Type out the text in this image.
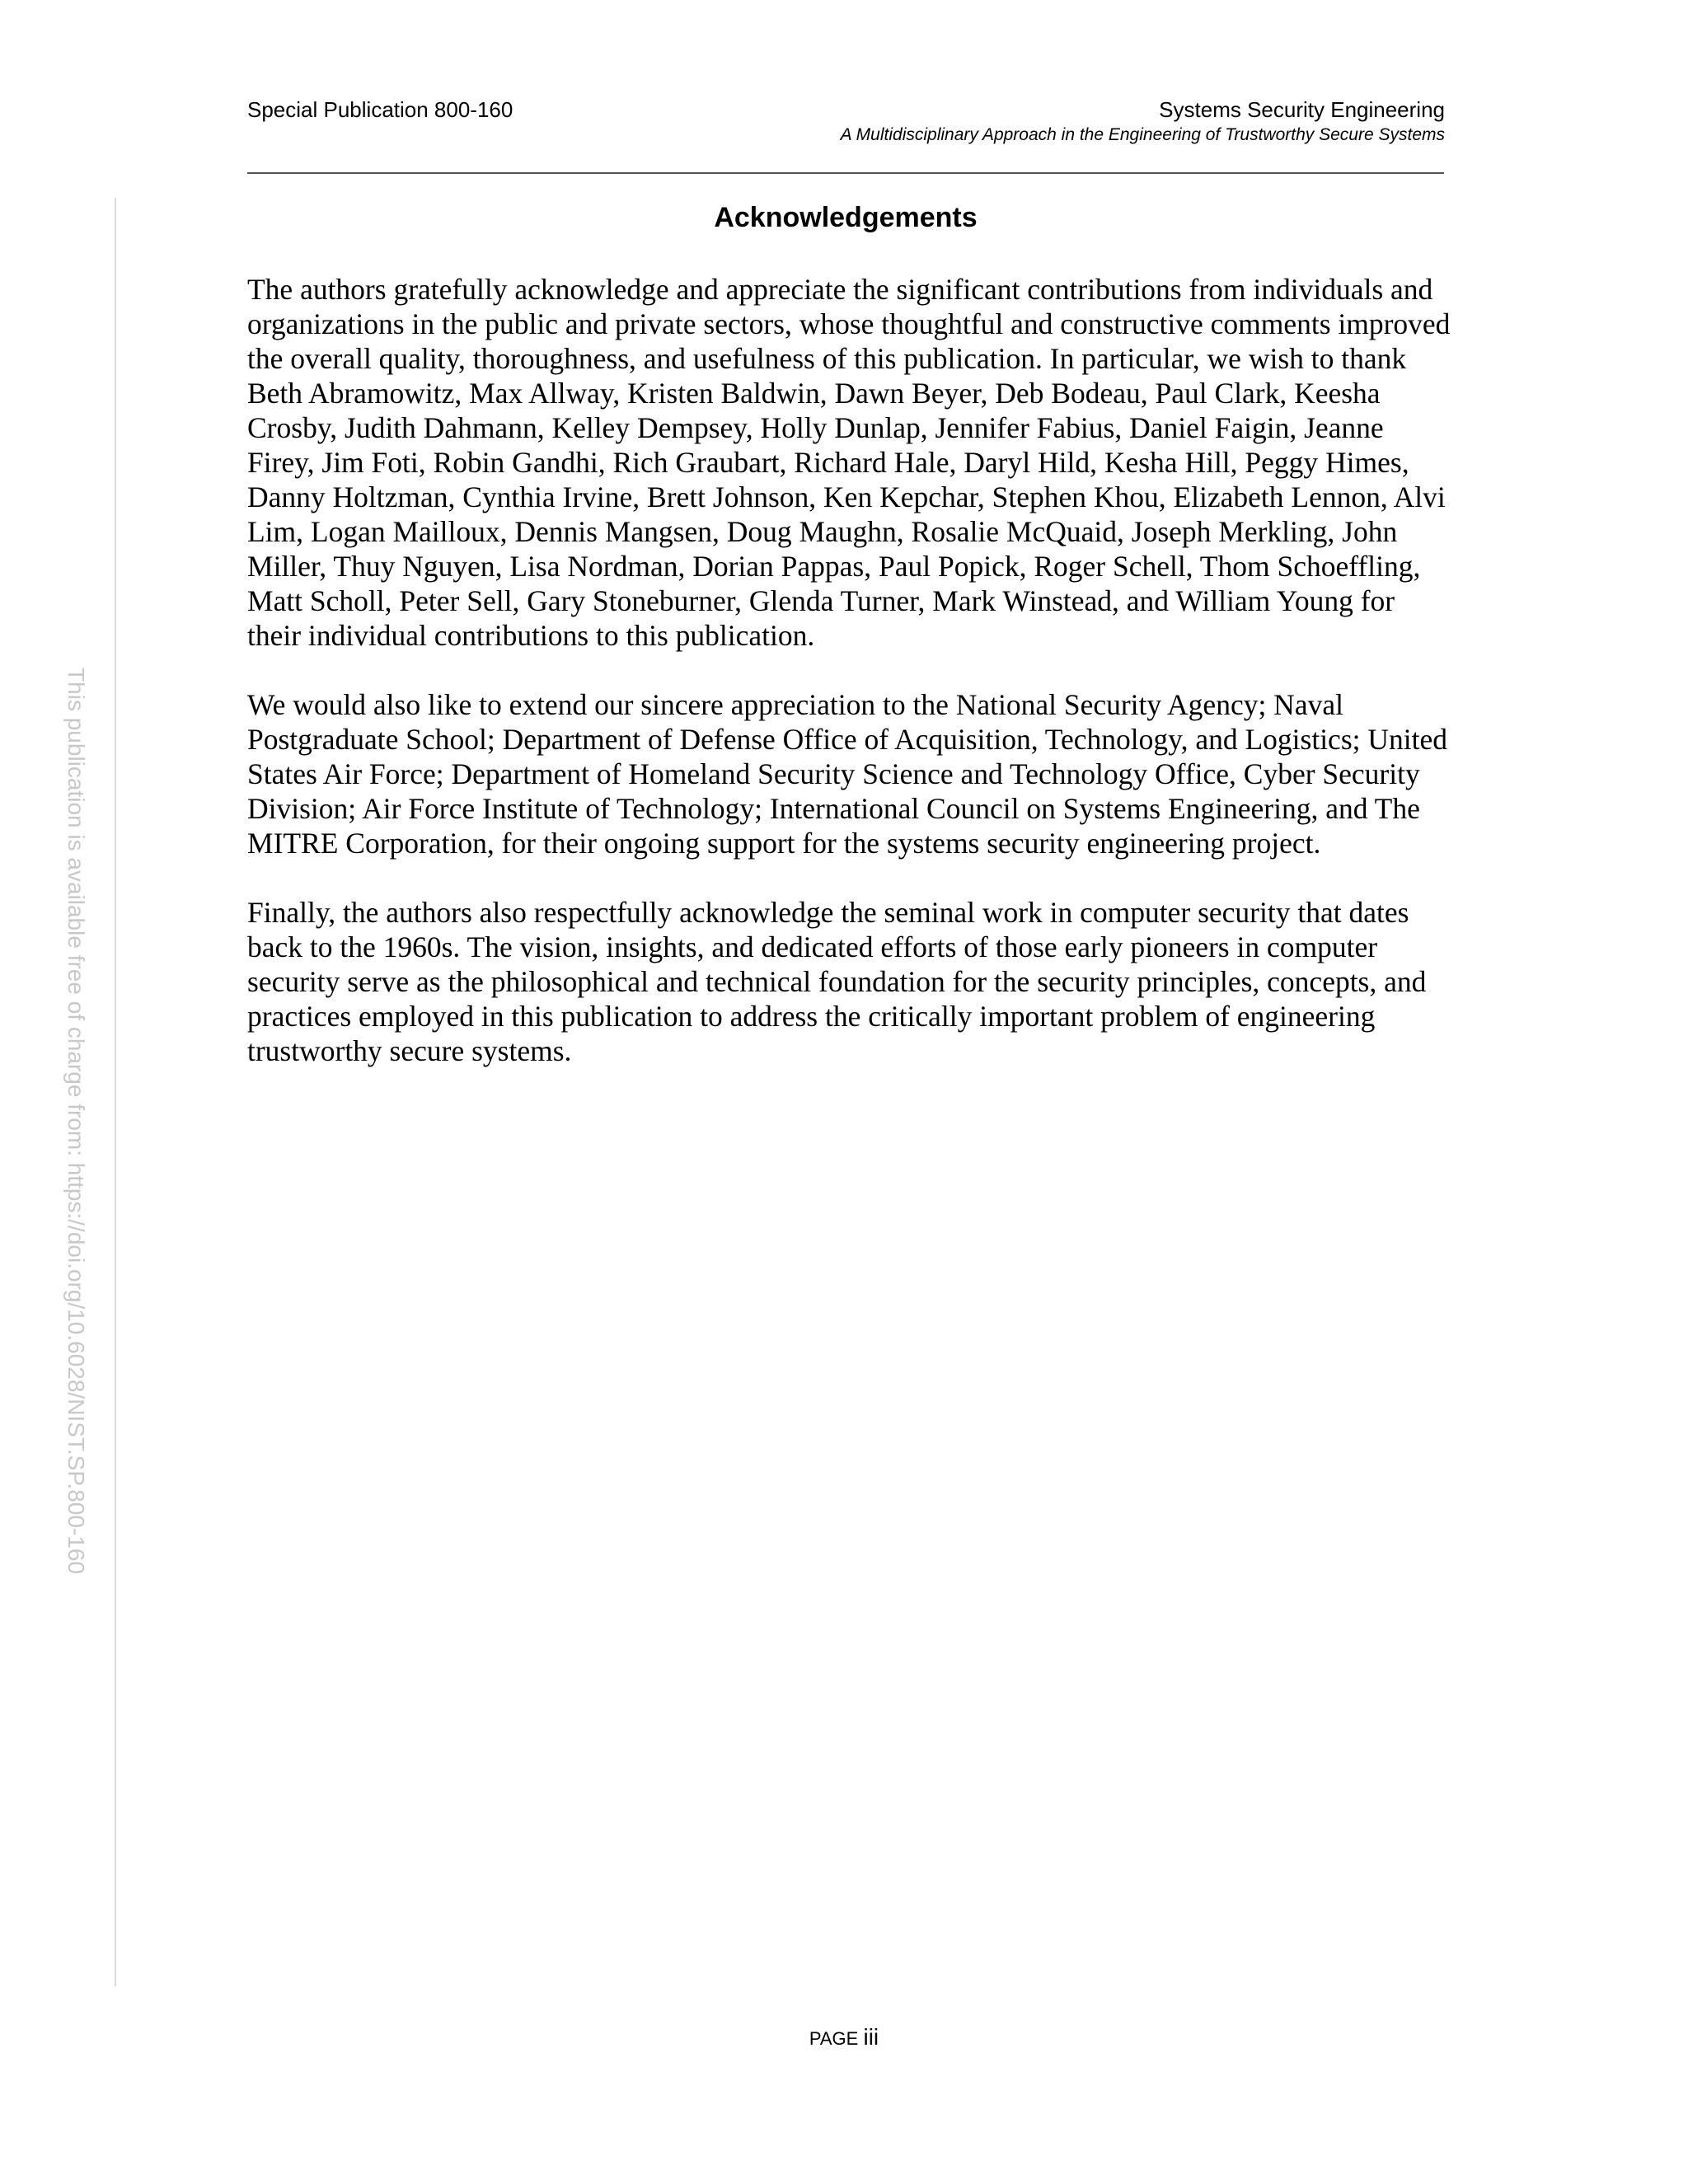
Special Publication 800-160	Systems Security Engineering
A Multidisciplinary Approach in the Engineering of Trustworthy Secure Systems
This publication is available free of charge from: https://doi.org/10.6028/NIST.SP.800-160
Acknowledgements

The authors gratefully acknowledge and appreciate the significant contributions from individuals and organizations in the public and private sectors, whose thoughtful and constructive comments improved the overall quality, thoroughness, and usefulness of this publication. In particular, we wish to thank Beth Abramowitz, Max Allway, Kristen Baldwin, Dawn Beyer, Deb Bodeau, Paul Clark, Keesha Crosby, Judith Dahmann, Kelley Dempsey, Holly Dunlap, Jennifer Fabius, Daniel Faigin, Jeanne Firey, Jim Foti, Robin Gandhi, Rich Graubart, Richard Hale, Daryl Hild, Kesha Hill, Peggy Himes, Danny Holtzman, Cynthia Irvine, Brett Johnson, Ken Kepchar, Stephen Khou, Elizabeth Lennon, Alvi Lim, Logan Mailloux, Dennis Mangsen, Doug Maughn, Rosalie McQuaid, Joseph Merkling, John Miller, Thuy Nguyen, Lisa Nordman, Dorian Pappas, Paul Popick, Roger Schell, Thom Schoeffling, Matt Scholl, Peter Sell, Gary Stoneburner, Glenda Turner, Mark Winstead, and William Young for their individual contributions to this publication.

We would also like to extend our sincere appreciation to the National Security Agency; Naval Postgraduate School; Department of Defense Office of Acquisition, Technology, and Logistics; United States Air Force; Department of Homeland Security Science and Technology Office, Cyber Security Division; Air Force Institute of Technology; International Council on Systems Engineering, and The MITRE Corporation, for their ongoing support for the systems security engineering project.

Finally, the authors also respectfully acknowledge the seminal work in computer security that dates back to the 1960s. The vision, insights, and dedicated efforts of those early pioneers in computer security serve as the philosophical and technical foundation for the security principles, concepts, and practices employed in this publication to address the critically important problem of engineering trustworthy secure systems.

PAGE iii
